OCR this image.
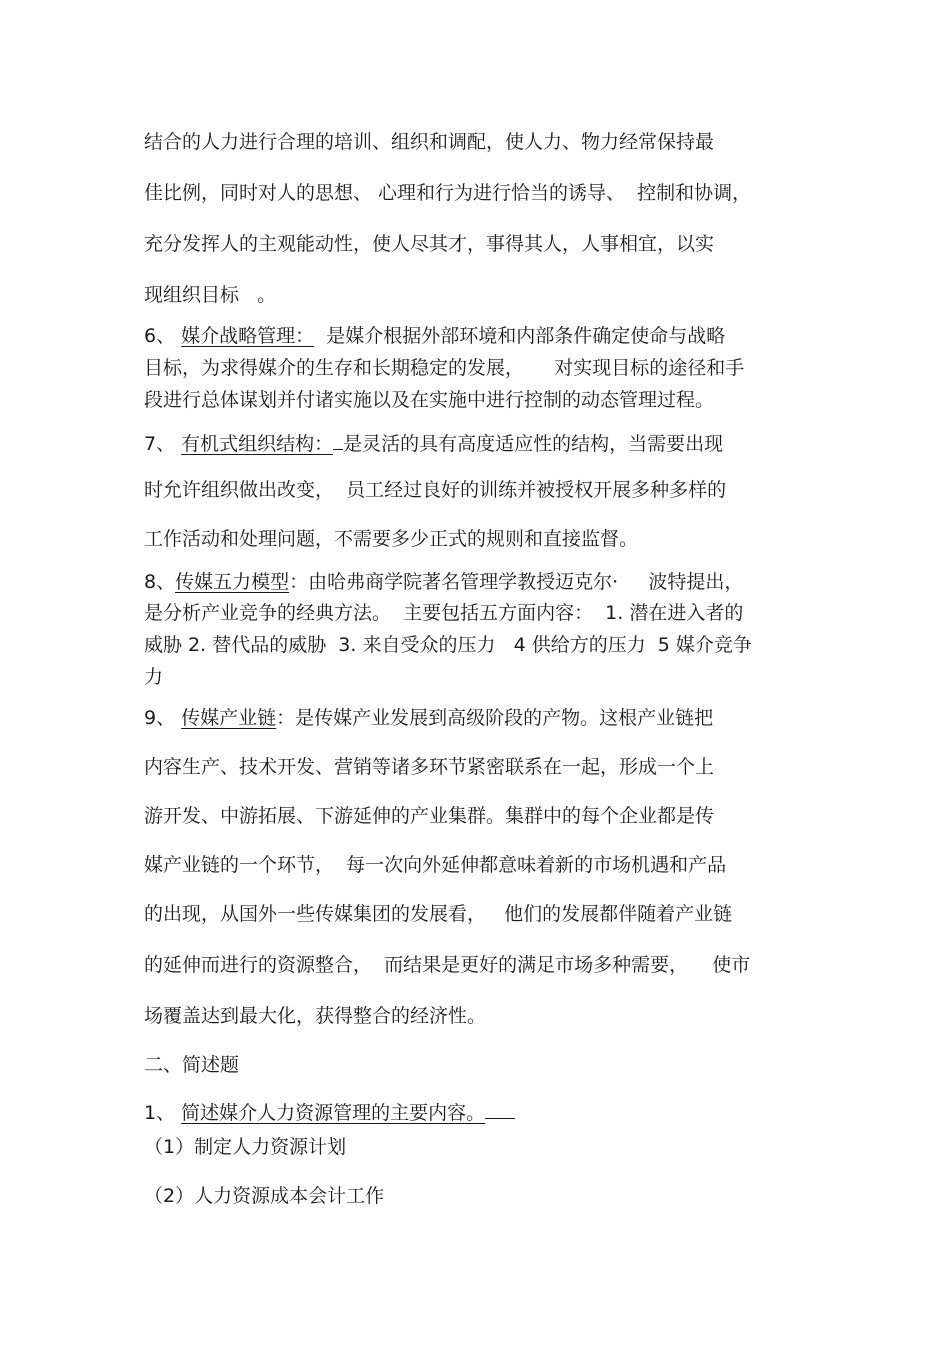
结合的人力进行合理的培训、组织和调配，使人力、物力经常保持最
佳比例，同时对人的思想、 心理和行为进行恰当的诱导、  控制和协调，
充分发挥人的主观能动性，使人尽其才，事得其人，人事相宜，以实
现组织目标   。
6、 媒介战略管理：  是媒介根据外部环境和内部条件确定使命与战略
目标，为求得媒介的生存和长期稳定的发展，     对实现目标的途径和手
段进行总体谋划并付诸实施以及在实施中进行控制的动态管理过程。
7、 有机式组织结构： 是灵活的具有高度适应性的结构，当需要出现
时允许组织做出改变，  员工经过良好的训练并被授权开展多种多样的
工作活动和处理问题，不需要多少正式的规则和直接监督。
8、传媒五力模型：由哈弗商学院著名管理学教授迈克尔·     波特提出，
是分析产业竞争的经典方法。  主要包括五方面内容：  1. 潜在进入者的
威胁 2. 替代品的威胁  3. 来自受众的压力   4 供给方的压力  5 媒介竞争
力
9、 传媒产业链：是传媒产业发展到高级阶段的产物。这根产业链把
内容生产、技术开发、营销等诸多环节紧密联系在一起，形成一个上
游开发、中游拓展、下游延伸的产业集群。集群中的每个企业都是传
媒产业链的一个环节，  每一次向外延伸都意味着新的市场机遇和产品
的出现，从国外一些传媒集团的发展看，   他们的发展都伴随着产业链
的延伸而进行的资源整合，  而结果是更好的满足市场多种需要，    使市
场覆盖达到最大化，获得整合的经济性。
二、简述题
1、 简述媒介人力资源管理的主要内容。
（1）制定人力资源计划
（2）人力资源成本会计工作
